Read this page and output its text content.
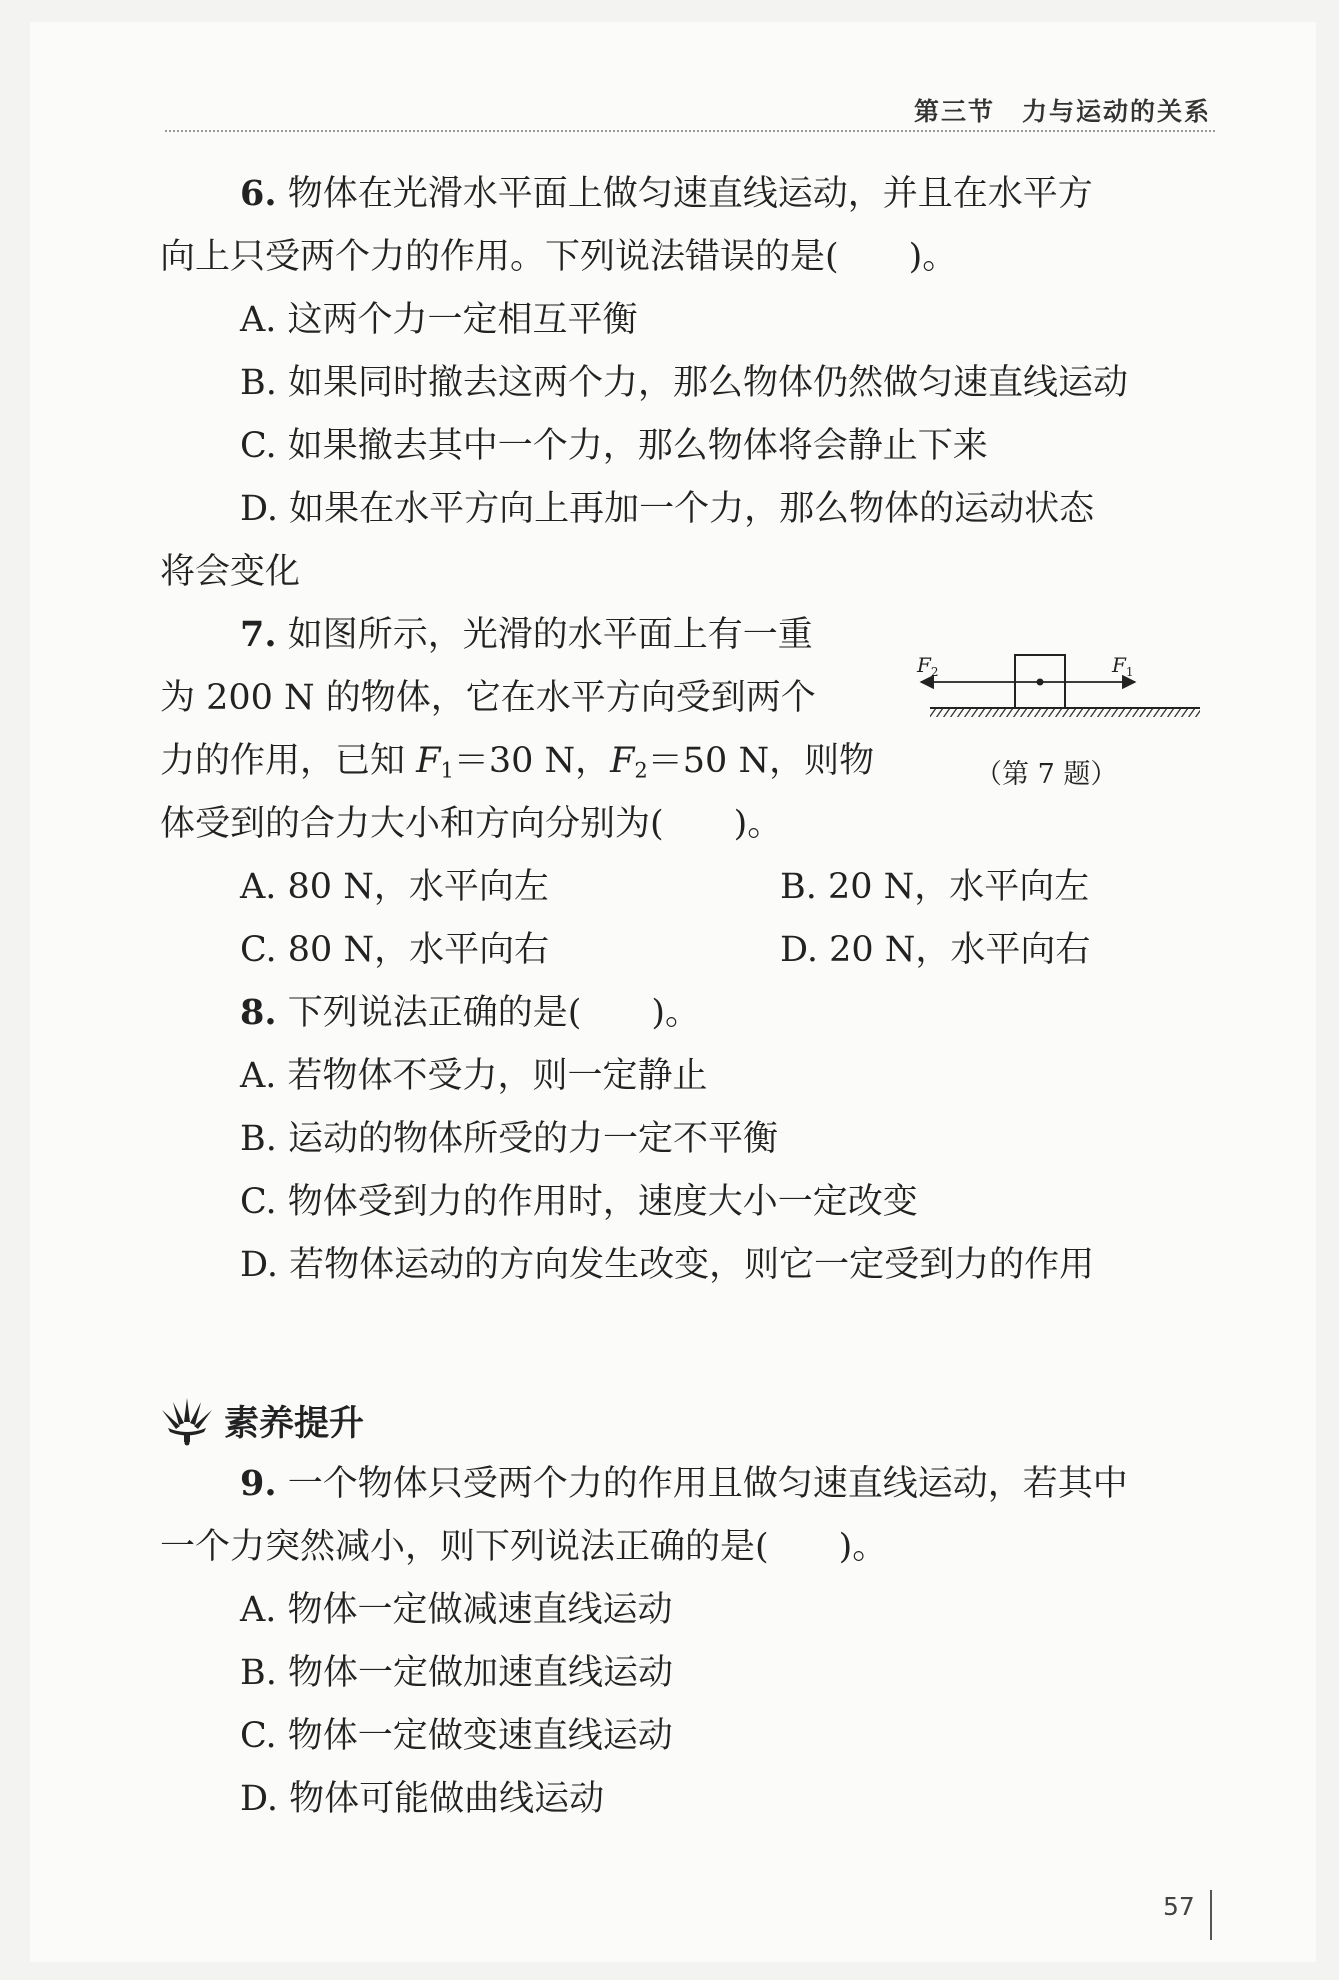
第三节　力与运动的关系
6. 物体在光滑水平面上做匀速直线运动，并且在水平方
向上只受两个力的作用。下列说法错误的是(　　)。
A. 这两个力一定相互平衡
B. 如果同时撤去这两个力，那么物体仍然做匀速直线运动
C. 如果撤去其中一个力，那么物体将会静止下来
D. 如果在水平方向上再加一个力，那么物体的运动状态
将会变化
7. 如图所示，光滑的水平面上有一重
为 200 N 的物体，它在水平方向受到两个
力的作用，已知 $F_1=30$ N，$F_2=50$ N，则物
体受到的合力大小和方向分别为(　　)。
A. 80 N，水平向左	B. 20 N，水平向左
C. 80 N，水平向右	D. 20 N，水平向右
$F_2$	$F_1$
（第 7 题）
8. 下列说法正确的是(　　)。
A. 若物体不受力，则一定静止
B. 运动的物体所受的力一定不平衡
C. 物体受到力的作用时，速度大小一定改变
D. 若物体运动的方向发生改变，则它一定受到力的作用
素养提升
9. 一个物体只受两个力的作用且做匀速直线运动，若其中
一个力突然减小，则下列说法正确的是(　　)。
A. 物体一定做减速直线运动
B. 物体一定做加速直线运动
C. 物体一定做变速直线运动
D. 物体可能做曲线运动
57
